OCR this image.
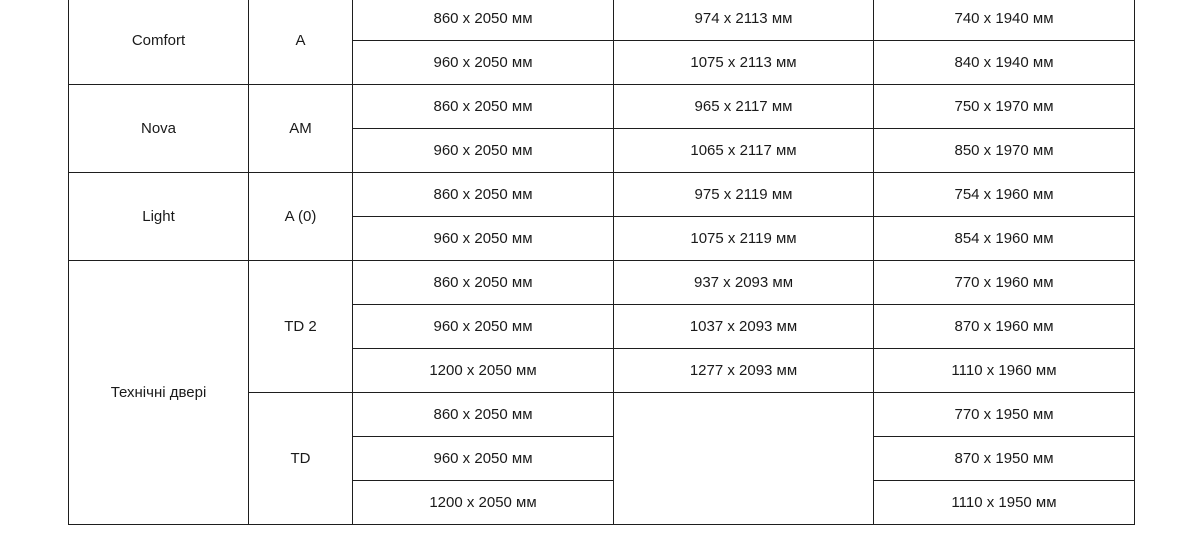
Comfort	A	860 x 2050 мм	974 x 2113 мм	740 x 1940 мм
		960 x 2050 мм	1075 x 2113 мм	840 x 1940 мм
Nova	AM	860 x 2050 мм	965 x 2117 мм	750 x 1970 мм
		960 x 2050 мм	1065 x 2117 мм	850 x 1970 мм
Light	A (0)	860 x 2050 мм	975 x 2119 мм	754 x 1960 мм
		960 x 2050 мм	1075 x 2119 мм	854 x 1960 мм
Технічні двері	TD 2	860 x 2050 мм	937 x 2093 мм	770 x 1960 мм
		960 x 2050 мм	1037 x 2093 мм	870 x 1960 мм
		1200 x 2050 мм	1277 x 2093 мм	1110 x 1960 мм
	TD	860 x 2050 мм		770 x 1950 мм
		960 x 2050 мм		870 x 1950 мм
		1200 x 2050 мм		1110 x 1950 мм
